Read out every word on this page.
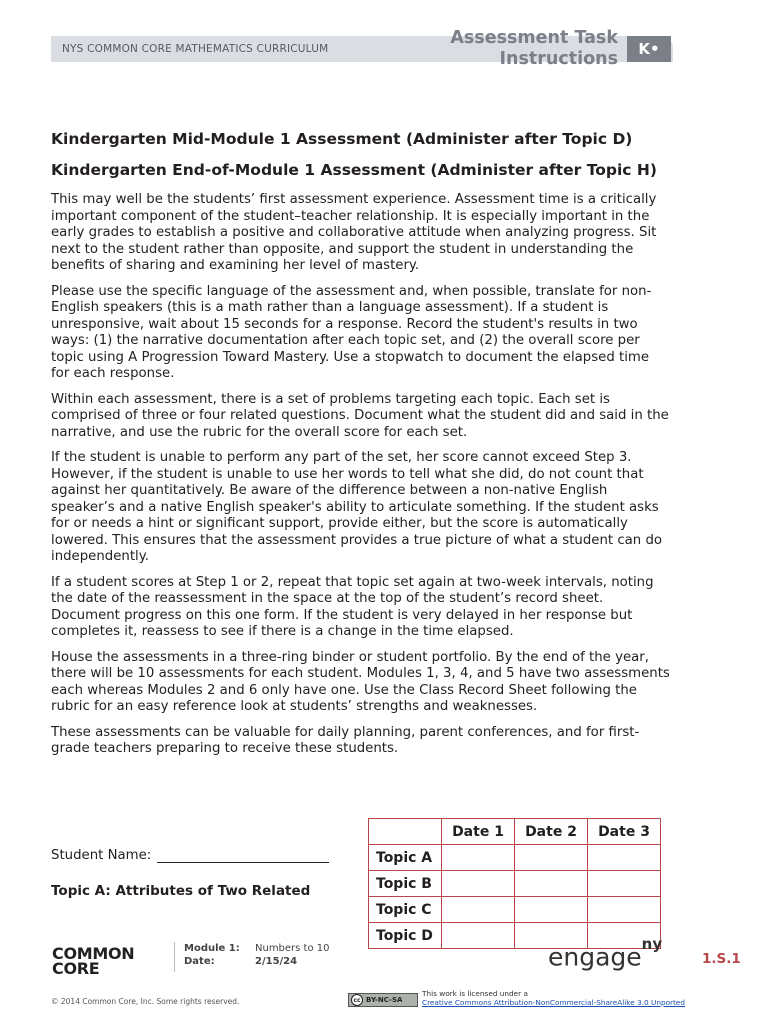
NYS COMMON CORE MATHEMATICS CURRICULUM
Assessment Task
Instructions	K•
Kindergarten Mid-Module 1 Assessment (Administer after Topic D)
Kindergarten End-of-Module 1 Assessment (Administer after Topic H)

This may well be the students’ first assessment experience. Assessment time is a critically important component of the student–teacher relationship. It is especially important in the early grades to establish a positive and collaborative attitude when analyzing progress. Sit next to the student rather than opposite, and support the student in understanding the benefits of sharing and examining her level of mastery.

Please use the specific language of the assessment and, when possible, translate for non-English speakers (this is a math rather than a language assessment). If a student is unresponsive, wait about 15 seconds for a response. Record the student's results in two ways: (1) the narrative documentation after each topic set, and (2) the overall score per topic using A Progression Toward Mastery. Use a stopwatch to document the elapsed time for each response.

Within each assessment, there is a set of problems targeting each topic. Each set is comprised of three or four related questions. Document what the student did and said in the narrative, and use the rubric for the overall score for each set.

If the student is unable to perform any part of the set, her score cannot exceed Step 3. However, if the student is unable to use her words to tell what she did, do not count that against her quantitatively. Be aware of the difference between a non-native English speaker’s and a native English speaker's ability to articulate something. If the student asks for or needs a hint or significant support, provide either, but the score is automatically lowered. This ensures that the assessment provides a true picture of what a student can do independently.

If a student scores at Step 1 or 2, repeat that topic set again at two-week intervals, noting the date of the reassessment in the space at the top of the student’s record sheet. Document progress on this one form. If the student is very delayed in her response but completes it, reassess to see if there is a change in the time elapsed.

House the assessments in a three-ring binder or student portfolio. By the end of the year, there will be 10 assessments for each student. Modules 1, 3, 4, and 5 have two assessments each whereas Modules 2 and 6 only have one. Use the Class Record Sheet following the rubric for an easy reference look at students’ strengths and weaknesses.

These assessments can be valuable for daily planning, parent conferences, and for first-grade teachers preparing to receive these students.

Student Name:
Topic A: Attributes of Two Related
	Date 1	Date 2	Date 3
Topic A			
Topic B			
Topic C			
Topic D			
COMMON
CORE
Module 1: Numbers to 10
Date:	2/15/24	engage$^{ny}$
1.S.1
© 2014 Common Core, Inc. Some rights reserved.	cc BY-NC-SA
This work is licensed under a
Creative Commons Attribution-NonCommercial-ShareAlike 3.0 Unported
